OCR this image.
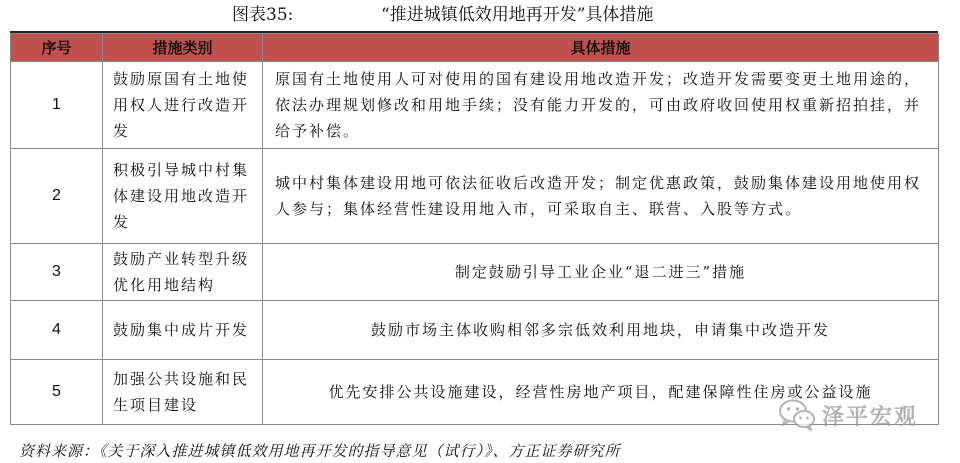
图表35:	“推进城镇低效用地再开发”具体措施
序号	措施类别	具体措施
1	鼓励原国有土地使用权人进行改造开发	原国有土地使用人可对使用的国有建设用地改造开发；改造开发需要变更土地用途的，依法办理规划修改和用地手续；没有能力开发的，可由政府收回使用权重新招拍挂，并给予补偿。
2	积极引导城中村集体建设用地改造开发	城中村集体建设用地可依法征收后改造开发；制定优惠政策，鼓励集体建设用地使用权人参与；集体经营性建设用地入市，可采取自主、联营、入股等方式。
3	鼓励产业转型升级优化用地结构	制定鼓励引导工业企业“退二进三”措施
4	鼓励集中成片开发	鼓励市场主体收购相邻多宗低效利用地块，申请集中改造开发
5	加强公共设施和民生项目建设	优先安排公共设施建设，经营性房地产项目，配建保障性住房或公益设施
资料来源：《关于深入推进城镇低效用地再开发的指导意见（试行）》、方正证券研究所
泽平宏观
